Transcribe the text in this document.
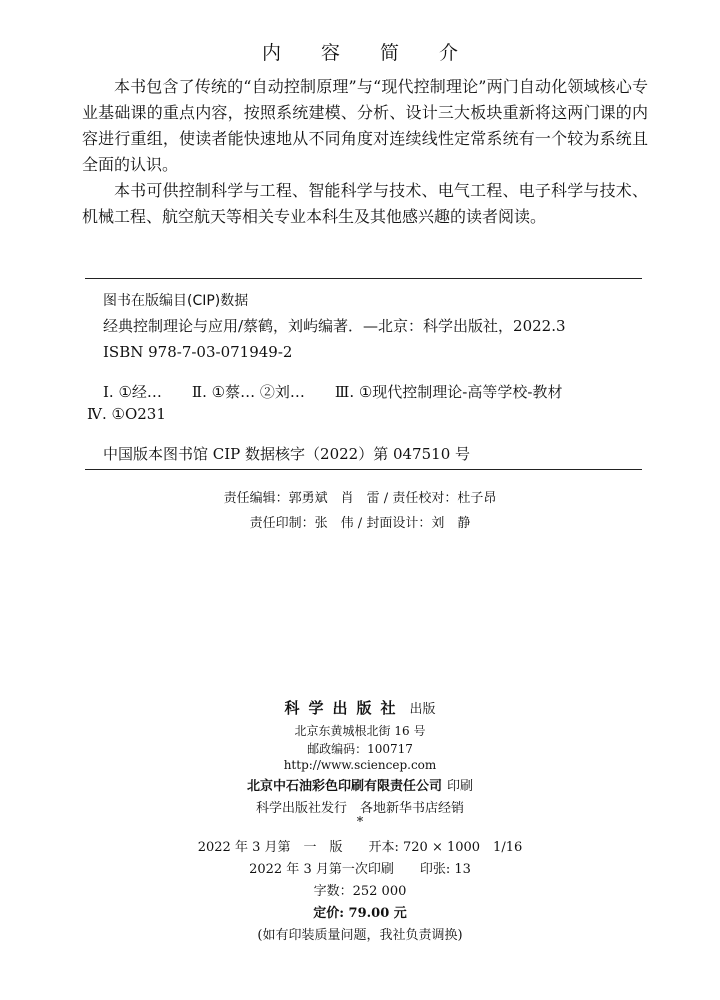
内 容 简 介

本书包含了传统的“自动控制原理”与“现代控制理论”两门自动化领域核心专业基础课的重点内容，按照系统建模、分析、设计三大板块重新将这两门课的内容进行重组，使读者能快速地从不同角度对连续线性定常系统有一个较为系统且全面的认识。

本书可供控制科学与工程、智能科学与技术、电气工程、电子科学与技术、机械工程、航空航天等相关专业本科生及其他感兴趣的读者阅读。

图书在版编目(CIP)数据
经典控制理论与应用/蔡鹤，刘屿编著．—北京：科学出版社，2022.3
ISBN 978-7-03-071949-2
Ⅰ. ①经…　　Ⅱ. ①蔡… ②刘…　　Ⅲ. ①现代控制理论-高等学校-教材
Ⅳ. ①O231
中国版本图书馆 CIP 数据核字（2022）第 047510 号
责任编辑：郭勇斌　肖　雷 / 责任校对：杜子昂
责任印制：张　伟 / 封面设计：刘　静
科学出版社 出版
北京东黄城根北街 16 号
邮政编码：100717
http://www.sciencep.com
北京中石油彩色印刷有限责任公司 印刷
科学出版社发行　各地新华书店经销
*
2022 年 3 月第　一　版　　开本: 720 × 1000　1/16
2022 年 3 月第一次印刷　　印张: 13
字数：252 000
定价: 79.00 元
(如有印装质量问题，我社负责调换)
